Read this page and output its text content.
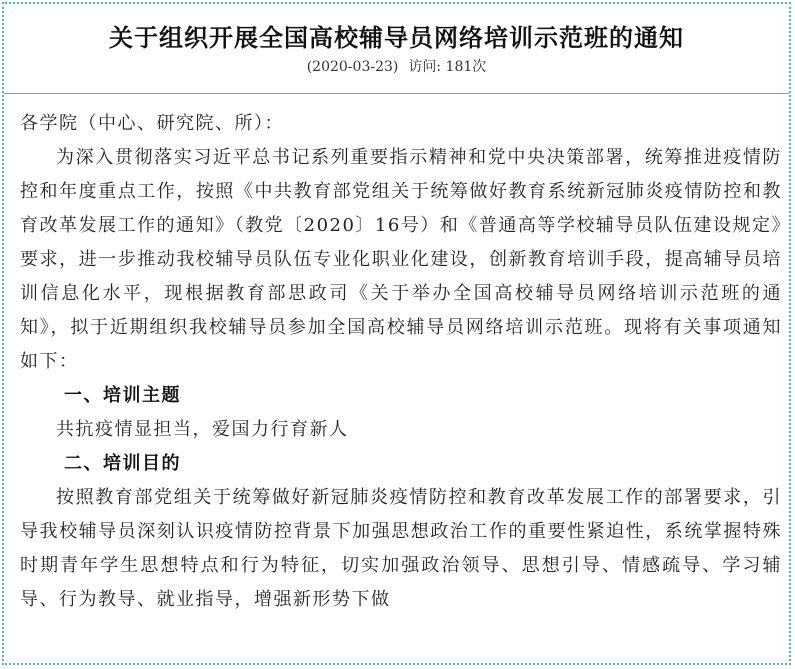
关于组织开展全国高校辅导员网络培训示范班的通知
(2020-03-23) 访问: 181次

各学院（中心、研究院、所）：

为深入贯彻落实习近平总书记系列重要指示精神和党中央决策部署，统筹推进疫情防控和年度重点工作，按照《中共教育部党组关于统筹做好教育系统新冠肺炎疫情防控和教育改革发展工作的通知》（教党〔2020〕16号）和《普通高等学校辅导员队伍建设规定》要求，进一步推动我校辅导员队伍专业化职业化建设，创新教育培训手段，提高辅导员培训信息化水平，现根据教育部思政司《关于举办全国高校辅导员网络培训示范班的通知》，拟于近期组织我校辅导员参加全国高校辅导员网络培训示范班。现将有关事项通知如下：

一、培训主题

共抗疫情显担当，爱国力行育新人

二、培训目的

按照教育部党组关于统筹做好新冠肺炎疫情防控和教育改革发展工作的部署要求，引导我校辅导员深刻认识疫情防控背景下加强思想政治工作的重要性紧迫性，系统掌握特殊时期青年学生思想特点和行为特征，切实加强政治领导、思想引导、情感疏导、学习辅导、行为教导、就业指导，增强新形势下做
